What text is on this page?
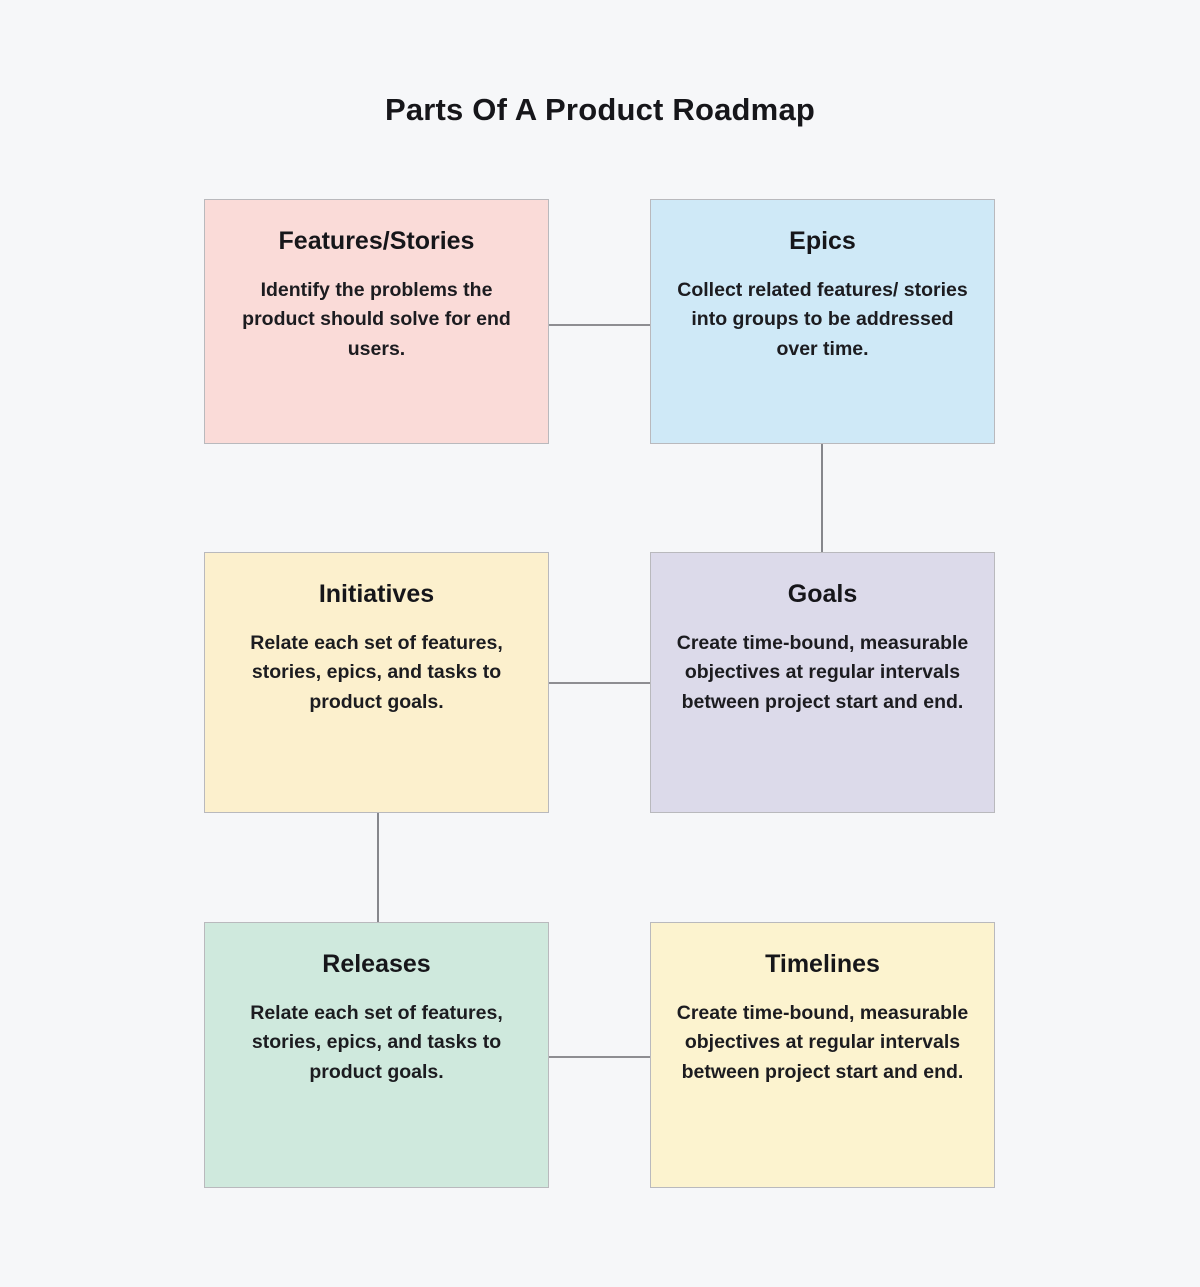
Parts Of A Product Roadmap
Features/Stories
Identify the problems the product should solve for end users.
Epics
Collect related features/ stories into groups to be addressed over time.
Initiatives
Relate each set of features, stories, epics, and tasks to product goals.
Goals
Create time-bound, measurable objectives at regular intervals between project start and end.
Releases
Relate each set of features, stories, epics, and tasks to product goals.
Timelines
Create time-bound, measurable objectives at regular intervals between project start and end.
